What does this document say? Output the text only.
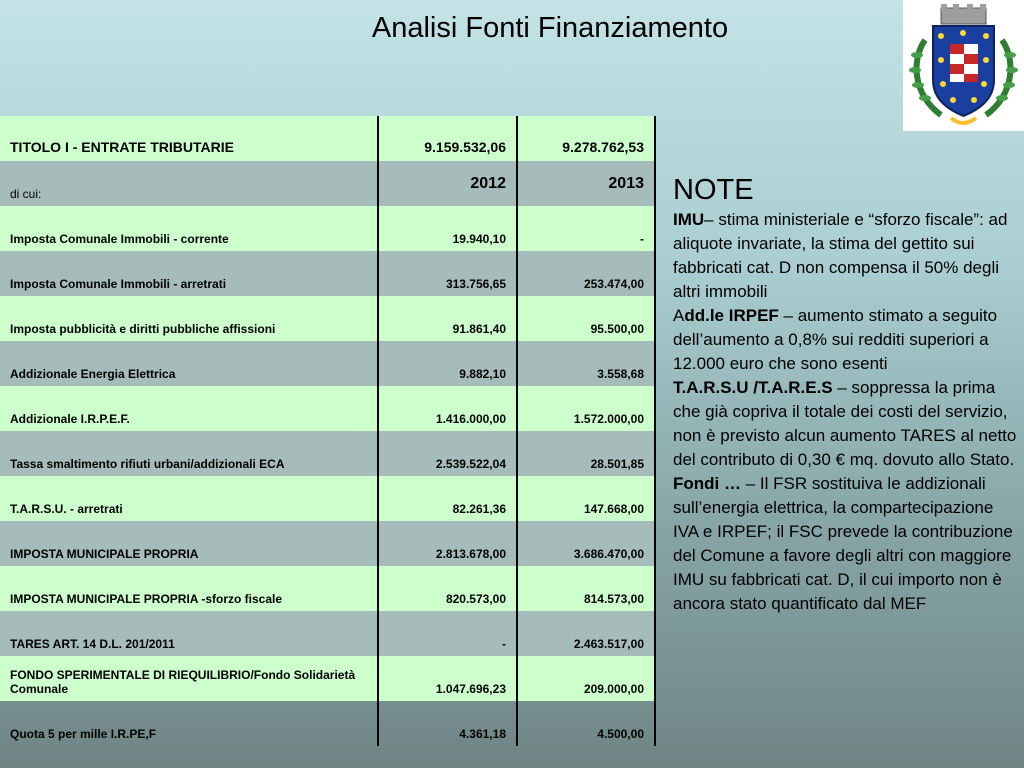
Analisi Fonti Finanziamento
TITOLO I - ENTRATE TRIBUTARIE	9.159.532,06	9.278.762,53
di cui:	2012	2013
Imposta Comunale Immobili - corrente	19.940,10	-
Imposta Comunale Immobili - arretrati	313.756,65	253.474,00
Imposta pubblicità e diritti pubbliche affissioni	91.861,40	95.500,00
Addizionale Energia Elettrica	9.882,10	3.558,68
Addizionale I.R.P.E.F.	1.416.000,00	1.572.000,00
Tassa smaltimento rifiuti urbani/addizionali ECA	2.539.522,04	28.501,85
T.A.R.S.U. - arretrati	82.261,36	147.668,00
IMPOSTA MUNICIPALE PROPRIA	2.813.678,00	3.686.470,00
IMPOSTA MUNICIPALE PROPRIA -sforzo fiscale	820.573,00	814.573,00
TARES ART. 14 D.L. 201/2011	-	2.463.517,00
FONDO SPERIMENTALE DI RIEQUILIBRIO/Fondo Solidarietà Comunale	1.047.696,23	209.000,00
Quota 5 per mille I.R.PE,F	4.361,18	4.500,00
NOTE

IMU– stima ministeriale e “sforzo fiscale”: ad aliquote invariate, la stima del gettito sui fabbricati cat. D non compensa il 50% degli altri immobili

Add.le IRPEF – aumento stimato a seguito dell’aumento a 0,8% sui redditi superiori a 12.000 euro che sono esenti

T.A.R.S.U /T.A.R.E.S – soppressa la prima che già copriva il totale dei costi del servizio, non è previsto alcun aumento TARES al netto del contributo di 0,30 € mq. dovuto allo Stato.

Fondi … – Il FSR sostituiva le addizionali sull’energia elettrica, la compartecipazione IVA e IRPEF; il FSC prevede la contribuzione del Comune a favore degli altri con maggiore IMU su fabbricati cat. D, il cui importo non è ancora stato quantificato dal MEF
